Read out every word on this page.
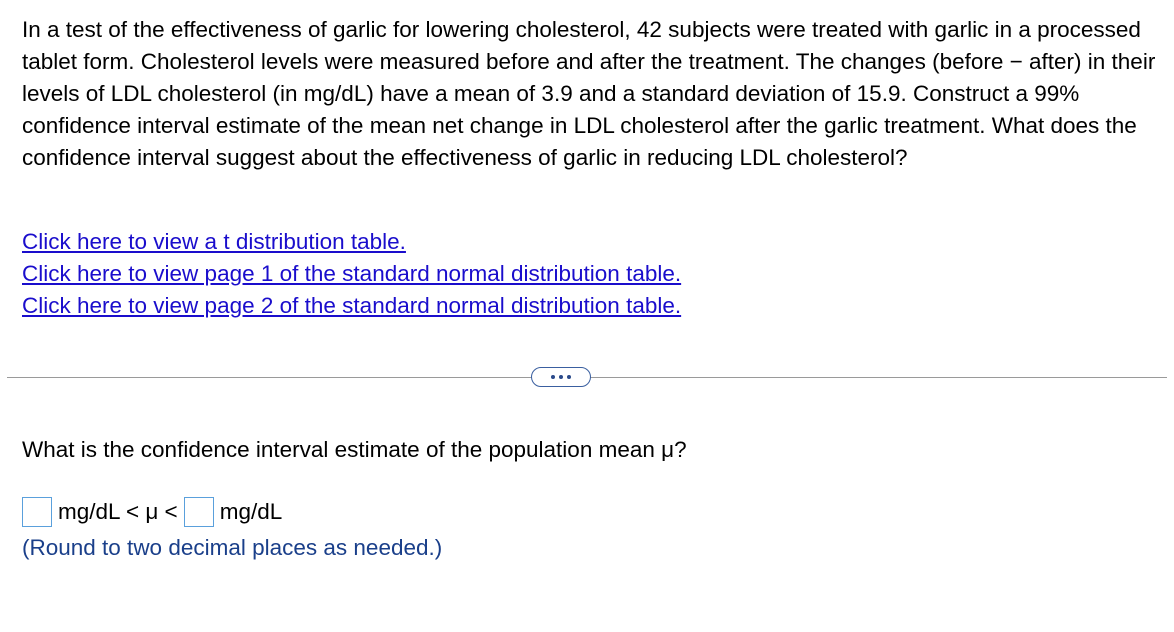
In a test of the effectiveness of garlic for lowering cholesterol, 42 subjects were treated with garlic in a processed tablet form. Cholesterol levels were measured before and after the treatment. The changes (before − after) in their levels of LDL cholesterol (in mg/dL) have a mean of 3.9 and a standard deviation of 15.9. Construct a 99% confidence interval estimate of the mean net change in LDL cholesterol after the garlic treatment. What does the confidence interval suggest about the effectiveness of garlic in reducing LDL cholesterol?

Click here to view a t distribution table.
Click here to view page 1 of the standard normal distribution table.
Click here to view page 2 of the standard normal distribution table.

What is the confidence interval estimate of the population mean μ?

mg/dL < μ < mg/dL

(Round to two decimal places as needed.)
